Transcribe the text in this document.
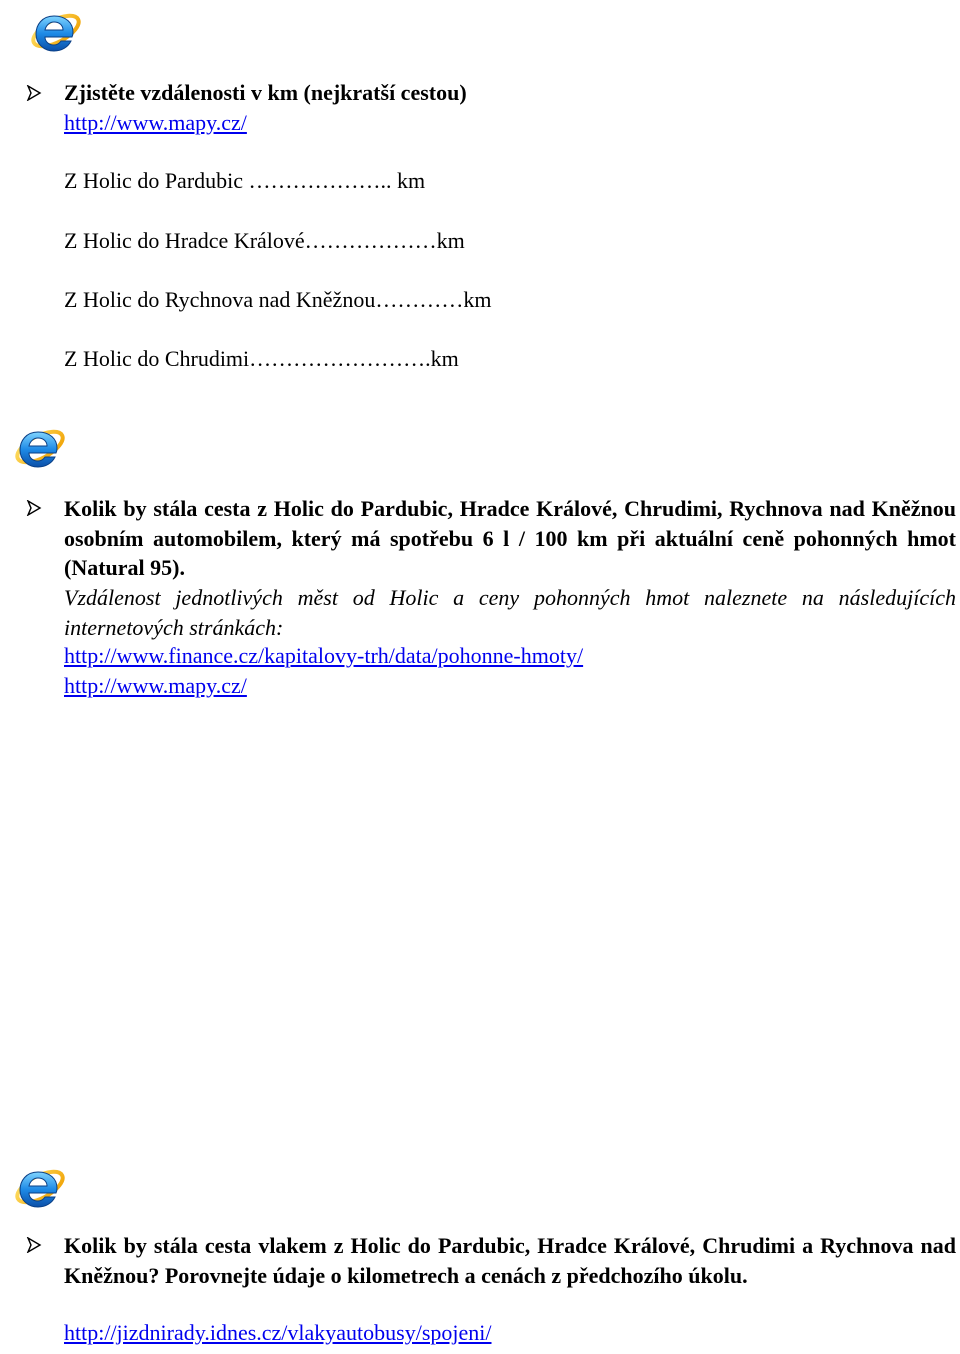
Zjistěte vzdálenosti v km (nejkratší cestou)
http://www.mapy.cz/
Z Holic do Pardubic ……………….. km
Z Holic do Hradce Králové………………km
Z Holic do Rychnova nad Kněžnou…………km
Z Holic do Chrudimi…………………….km
Kolik by stála cesta z Holic do Pardubic, Hradce Králové, Chrudimi, Rychnova nad Kněžnou osobním automobilem, který má spotřebu 6 l / 100 km při aktuální ceně pohonných hmot (Natural 95).
Vzdálenost jednotlivých měst od Holic a ceny pohonných hmot naleznete na následujících internetových stránkách:
http://www.finance.cz/kapitalovy-trh/data/pohonne-hmoty/
http://www.mapy.cz/
Kolik by stála cesta vlakem z Holic do Pardubic, Hradce Králové, Chrudimi a Rychnova nad Kněžnou? Porovnejte údaje o kilometrech a cenách z předchozího úkolu.
http://jizdnirady.idnes.cz/vlakyautobusy/spojeni/
